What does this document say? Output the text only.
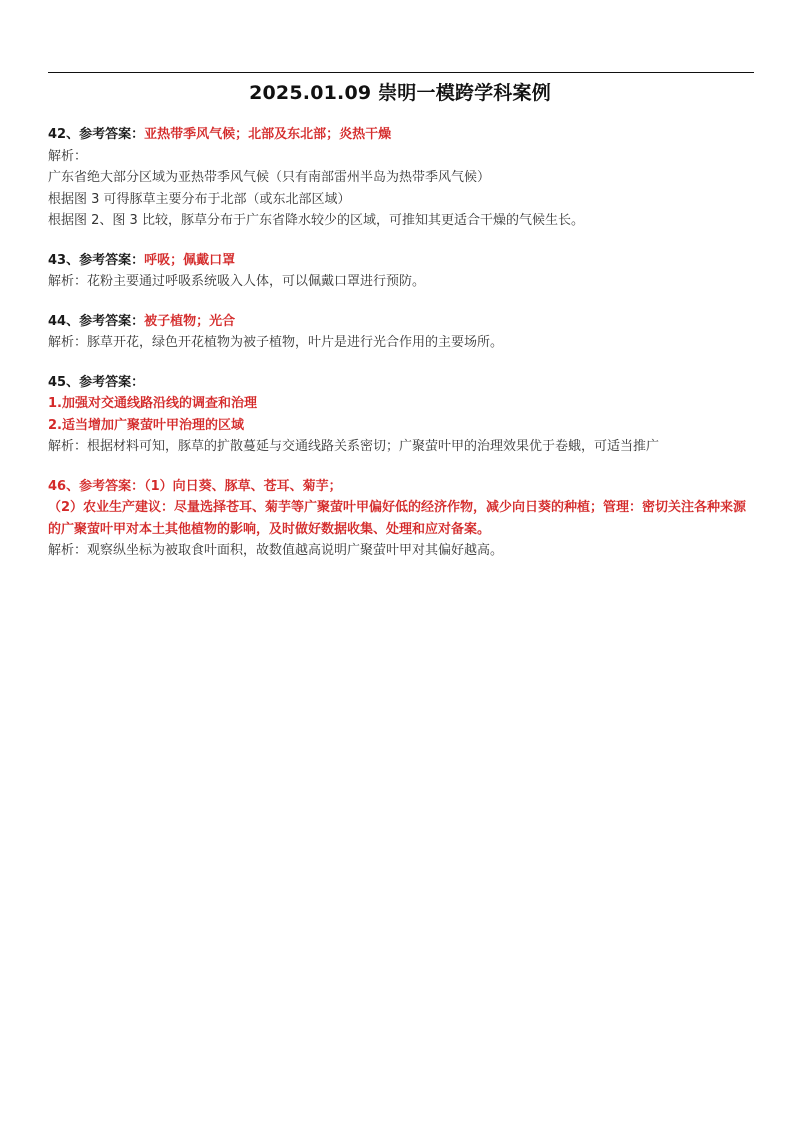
2025.01.09 崇明一模跨学科案例
42、参考答案：亚热带季风气候；北部及东北部；炎热干燥
解析：
广东省绝大部分区域为亚热带季风气候（只有南部雷州半岛为热带季风气候）
根据图 3 可得豚草主要分布于北部（或东北部区域）
根据图 2、图 3 比较，豚草分布于广东省降水较少的区域，可推知其更适合干燥的气候生长。
43、参考答案：呼吸；佩戴口罩
解析：花粉主要通过呼吸系统吸入人体，可以佩戴口罩进行预防。
44、参考答案：被子植物；光合
解析：豚草开花，绿色开花植物为被子植物，叶片是进行光合作用的主要场所。
45、参考答案：
1.加强对交通线路沿线的调查和治理
2.适当增加广聚萤叶甲治理的区域
解析：根据材料可知，豚草的扩散蔓延与交通线路关系密切；广聚萤叶甲的治理效果优于卷蛾，可适当推广
46、参考答案：（1）向日葵、豚草、苍耳、菊芋；
（2）农业生产建议：尽量选择苍耳、菊芋等广聚萤叶甲偏好低的经济作物，减少向日葵的种植；管理：密切关注各种来源的广聚萤叶甲对本土其他植物的影响，及时做好数据收集、处理和应对备案。
解析：观察纵坐标为被取食叶面积，故数值越高说明广聚萤叶甲对其偏好越高。
